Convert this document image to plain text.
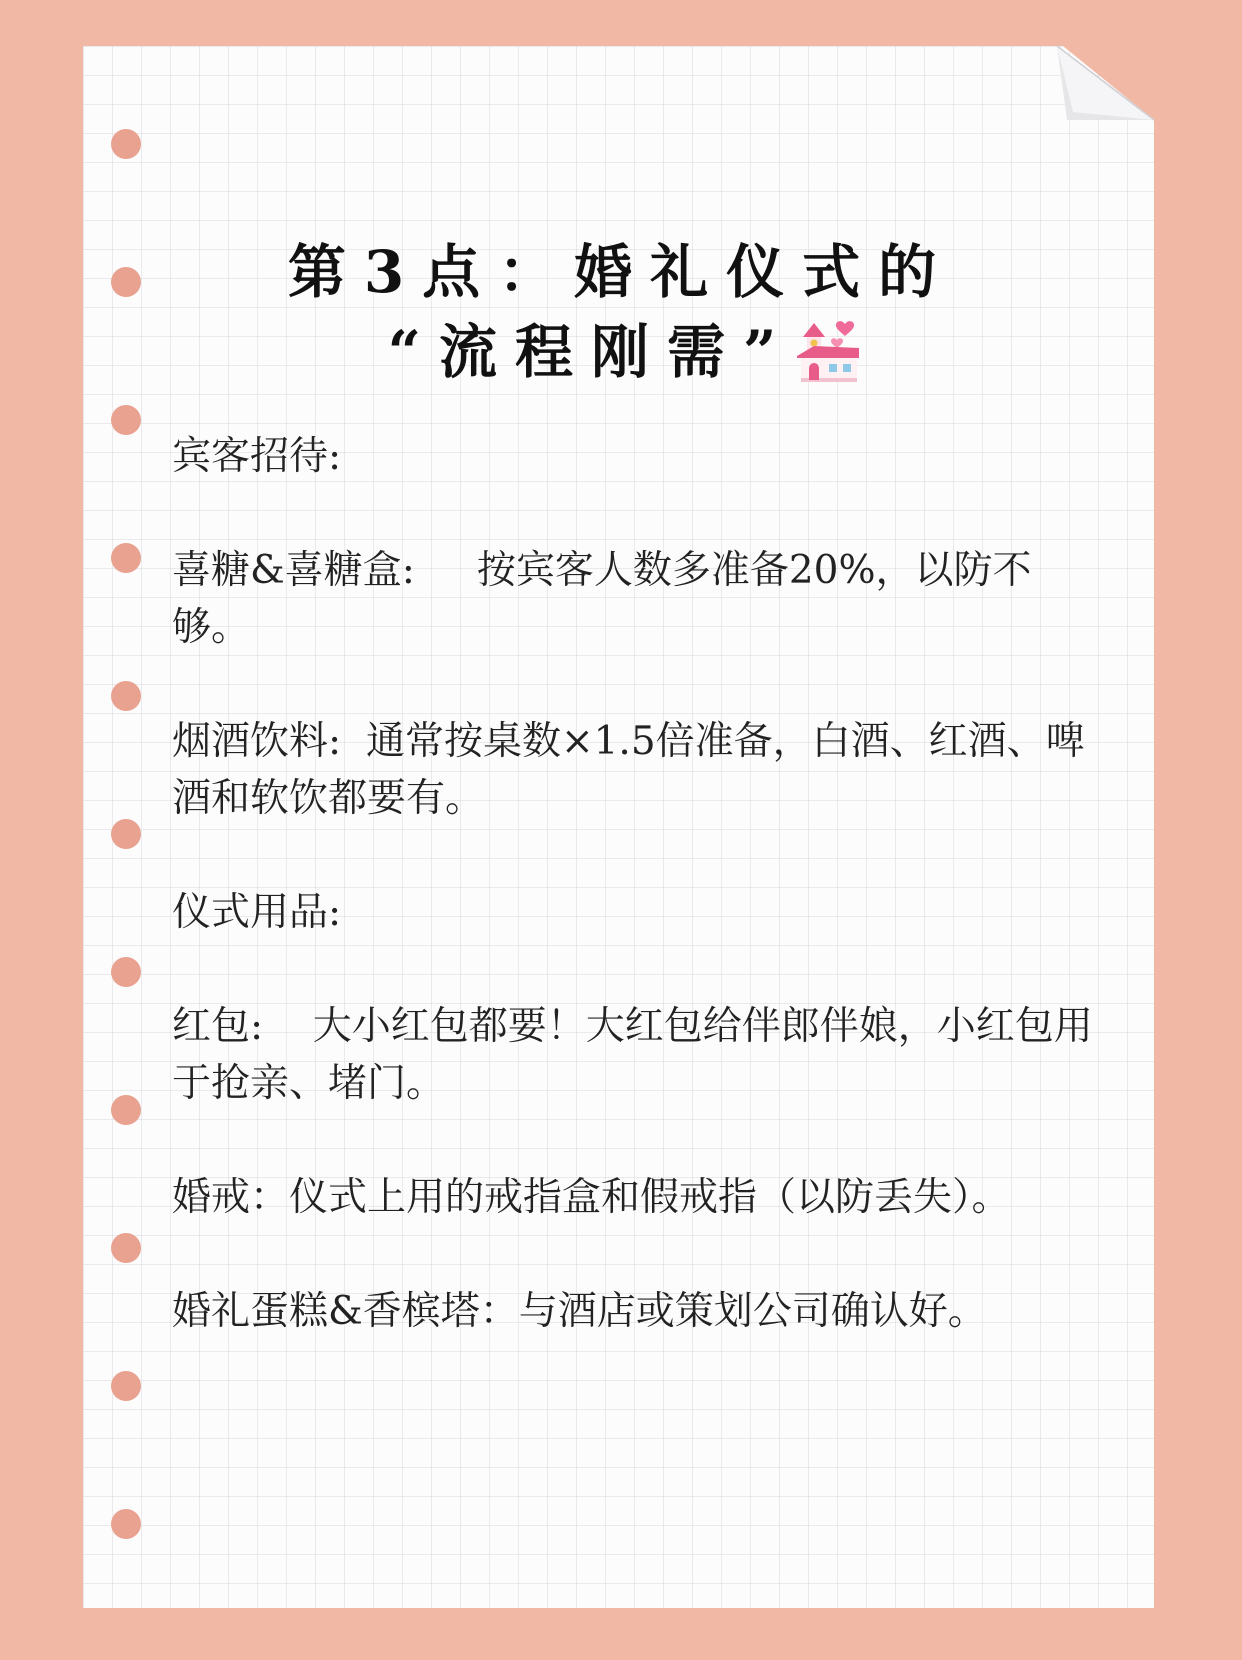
第3点：婚礼仪式的
“流程刚需”

宾客招待:

喜糖&喜糖盒: 按宾客人数多准备20%，以防不够。

烟酒饮料: 通常按桌数×1.5倍准备，白酒、红酒、啤酒和软饮都要有。

仪式用品:

红包: 大小红包都要！大红包给伴郎伴娘，小红包用于抢亲、堵门。

婚戒：仪式上用的戒指盒和假戒指（以防丢失）。

婚礼蛋糕&香槟塔：与酒店或策划公司确认好。
